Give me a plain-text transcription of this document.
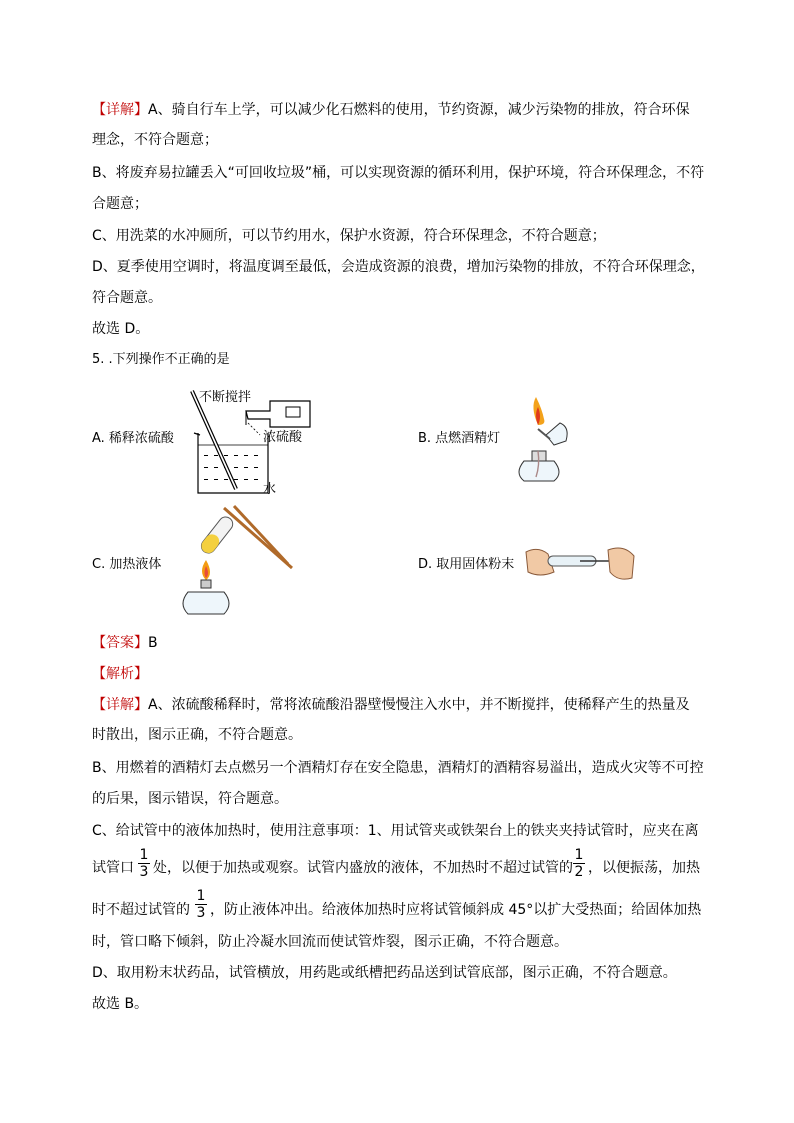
【详解】A、骑自行车上学，可以减少化石燃料的使用，节约资源，减少污染物的排放，符合环保
理念，不符合题意；
B、将废弃易拉罐丢入“可回收垃圾”桶，可以实现资源的循环利用，保护环境，符合环保理念，不符
合题意；
C、用洗菜的水冲厕所，可以节约用水，保护水资源，符合环保理念，不符合题意；
D、夏季使用空调时，将温度调至最低，会造成资源的浪费，增加污染物的排放，不符合环保理念，
符合题意。
故选 D。
5. .下列操作不正确的是
A. 稀释浓硫酸
不断搅拌
浓硫酸
水
B. 点燃酒精灯
C. 加热液体	D. 取用固体粉末
【答案】B
【解析】
【详解】A、浓硫酸稀释时，常将浓硫酸沿器壁慢慢注入水中，并不断搅拌，使稀释产生的热量及
时散出，图示正确，不符合题意。
B、用燃着的酒精灯去点燃另一个酒精灯存在安全隐患，酒精灯的酒精容易溢出，造成火灾等不可控
的后果，图示错误，符合题意。
C、给试管中的液体加热时，使用注意事项：1、用试管夹或铁架台上的铁夹夹持试管时，应夹在离
试管口
1
3 处，以便于加热或观察。试管内盛放的液体，不加热时不超过试管的
1
2 ，以便振荡，加热
时不超过试管的
1
3 ，防止液体冲出。给液体加热时应将试管倾斜成 45°以扩大受热面；给固体加热
时，管口略下倾斜，防止冷凝水回流而使试管炸裂，图示正确，不符合题意。
D、取用粉末状药品，试管横放，用药匙或纸槽把药品送到试管底部，图示正确，不符合题意。
故选 B。
